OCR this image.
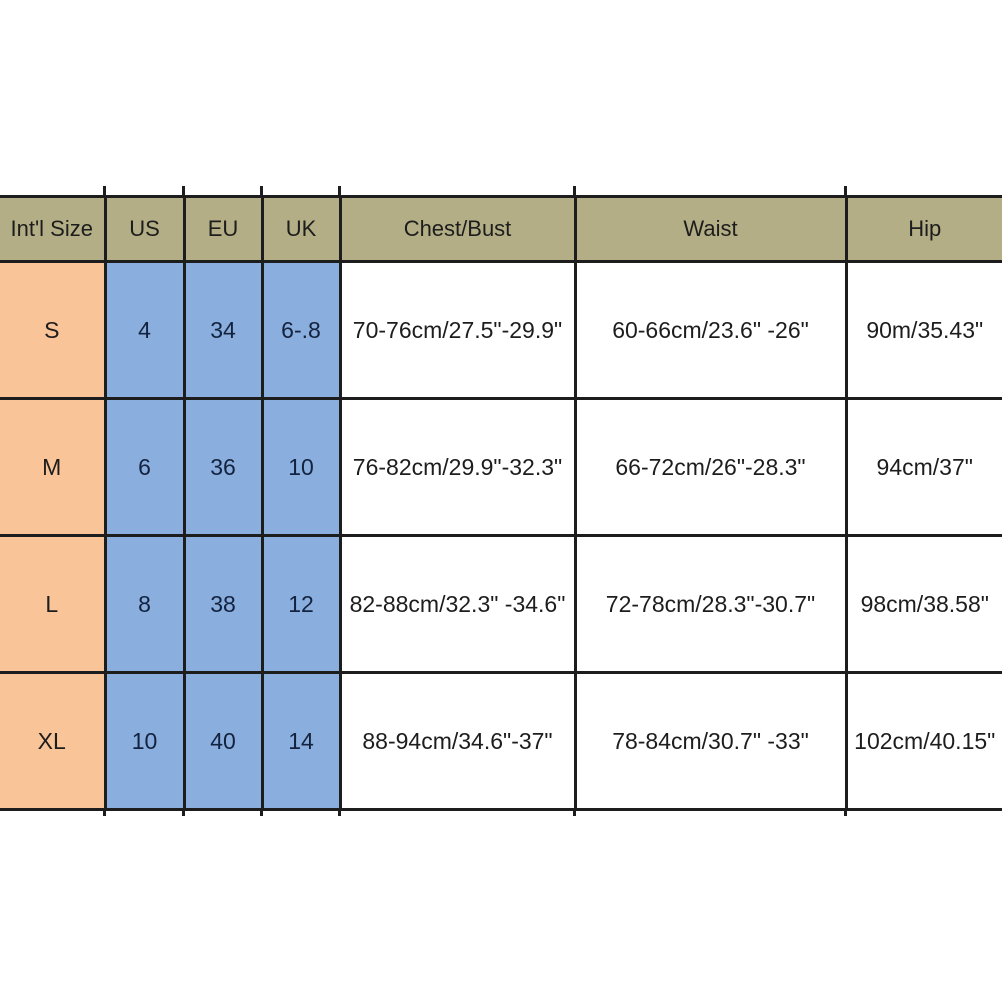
Int'l Size	US	EU	UK	Chest/Bust	Waist	Hip
S	4	34	6-.8	70-76cm/27.5"-29.9"	60-66cm/23.6" -26"	90m/35.43"
M	6	36	10	76-82cm/29.9"-32.3"	66-72cm/26"-28.3"	94cm/37"
L	8	38	12	82-88cm/32.3" -34.6"	72-78cm/28.3"-30.7"	98cm/38.58"
XL	10	40	14	88-94cm/34.6"-37"	78-84cm/30.7" -33"	102cm/40.15"
